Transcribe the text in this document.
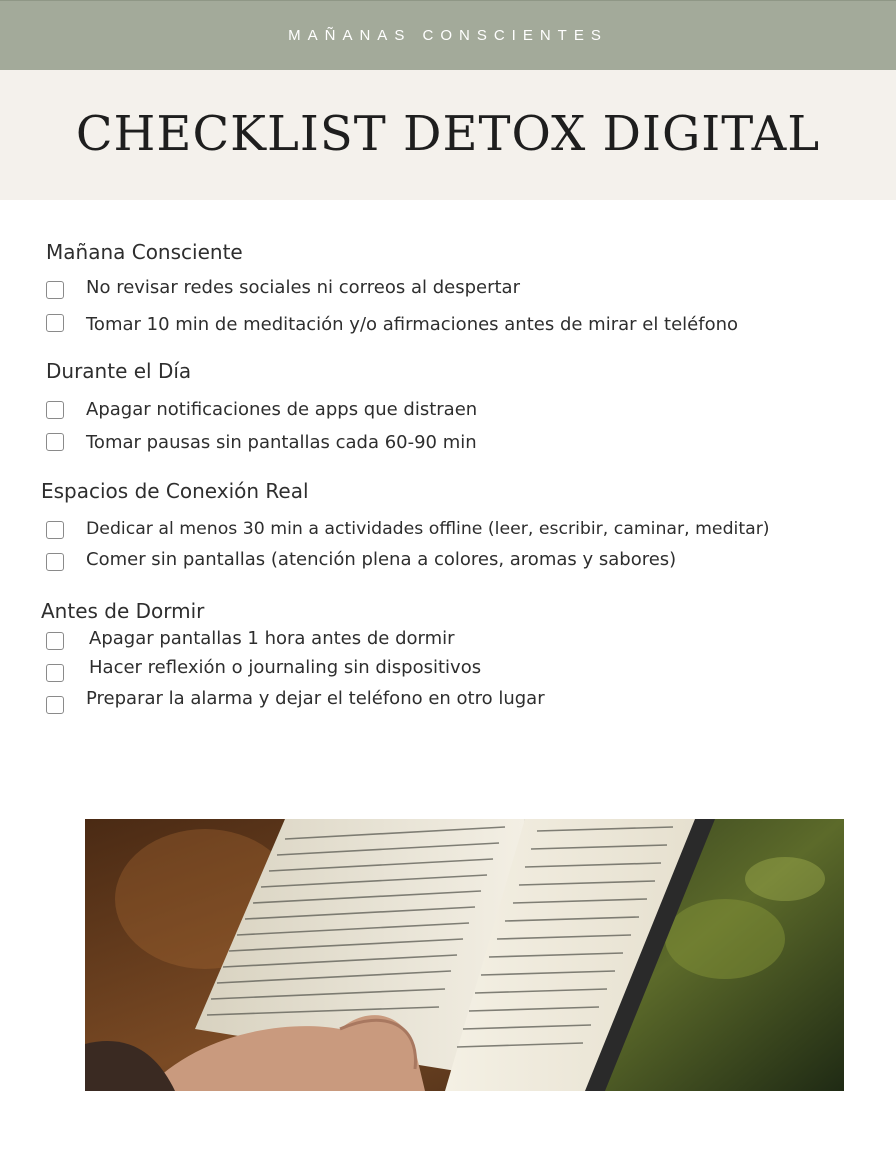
MAÑANAS CONSCIENTES
CHECKLIST DETOX DIGITAL
Mañana Consciente
No revisar redes sociales ni correos al despertar
Tomar 10 min de meditación y/o afirmaciones antes de mirar el teléfono
Durante el Día
Apagar notificaciones de apps que distraen
Tomar pausas sin pantallas cada 60-90 min
Espacios de Conexión Real
Dedicar al menos 30 min a actividades offline (leer, escribir, caminar, meditar)
Comer sin pantallas (atención plena a colores, aromas y sabores)
Antes de Dormir
Apagar pantallas 1 hora antes de dormir
Hacer reflexión o journaling sin dispositivos
Preparar la alarma y dejar el teléfono en otro lugar
